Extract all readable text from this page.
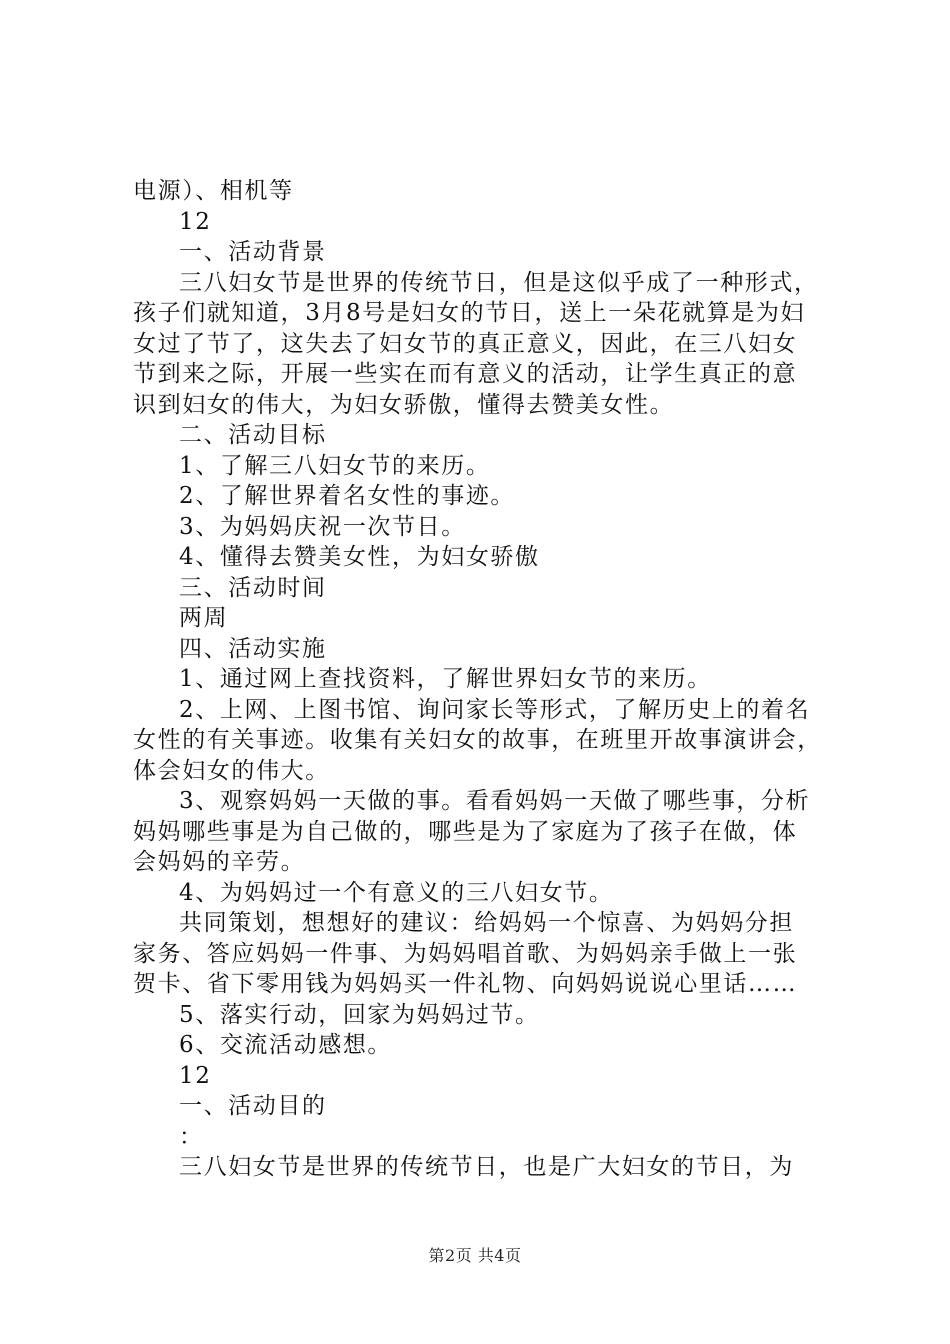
电源）、相机等

12

一、活动背景

三八妇女节是世界的传统节日，但是这似乎成了一种形式，

孩子们就知道，3月8号是妇女的节日，送上一朵花就算是为妇

女过了节了，这失去了妇女节的真正意义，因此，在三八妇女

节到来之际，开展一些实在而有意义的活动，让学生真正的意

识到妇女的伟大，为妇女骄傲，懂得去赞美女性。

二、活动目标

1、了解三八妇女节的来历。

2、了解世界着名女性的事迹。

3、为妈妈庆祝一次节日。

4、懂得去赞美女性，为妇女骄傲

三、活动时间

两周

四、活动实施

1、通过网上查找资料，了解世界妇女节的来历。

2、上网、上图书馆、询问家长等形式，了解历史上的着名

女性的有关事迹。收集有关妇女的故事，在班里开故事演讲会，

体会妇女的伟大。

3、观察妈妈一天做的事。看看妈妈一天做了哪些事，分析

妈妈哪些事是为自己做的，哪些是为了家庭为了孩子在做，体

会妈妈的辛劳。

4、为妈妈过一个有意义的三八妇女节。

共同策划，想想好的建议：给妈妈一个惊喜、为妈妈分担

家务、答应妈妈一件事、为妈妈唱首歌、为妈妈亲手做上一张

贺卡、省下零用钱为妈妈买一件礼物、向妈妈说说心里话……

5、落实行动，回家为妈妈过节。

6、交流活动感想。

12

一、活动目的

：

三八妇女节是世界的传统节日，也是广大妇女的节日，为

第2页 共4页
